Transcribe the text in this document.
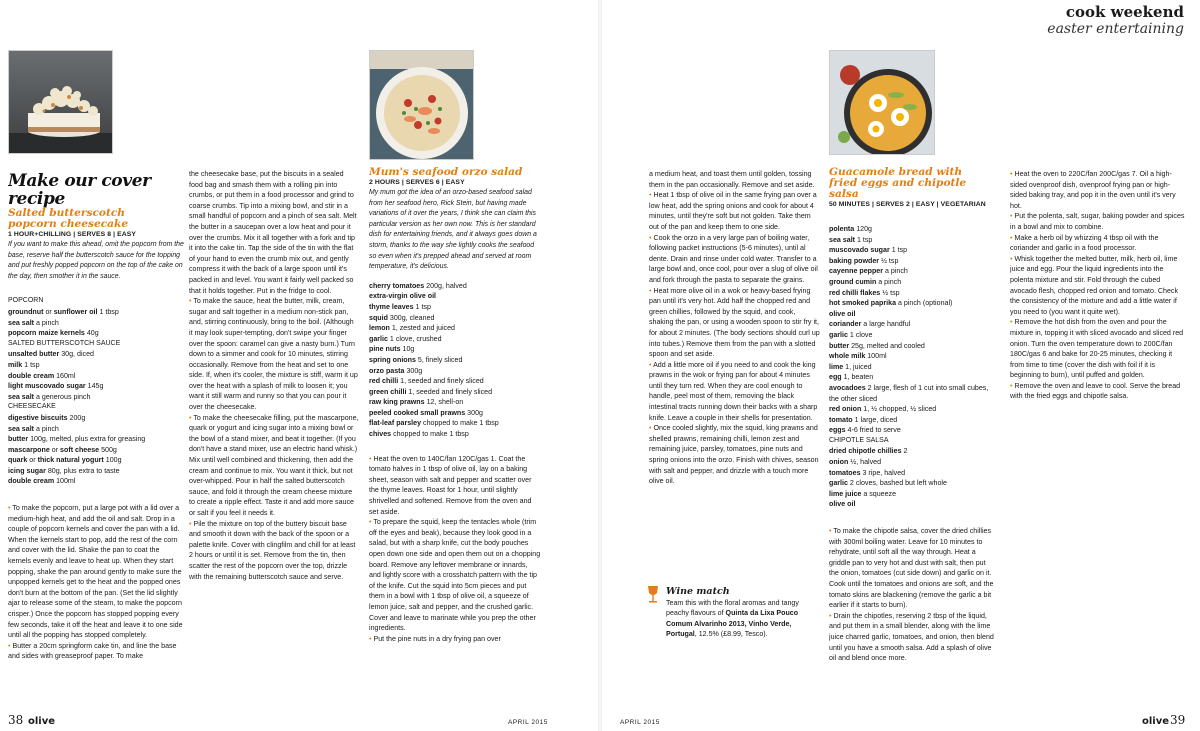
cook weekend
easter entertaining
Make our cover recipe
Salted butterscotch popcorn cheesecake
1 HOUR+CHILLING | SERVES 8 | EASY
If you want to make this ahead, omit the popcorn from the base, reserve half the butterscotch sauce for the topping and put freshly popped popcorn on the top of the cake on the day, then smother it in the sauce.
POPCORN
groundnut or sunflower oil 1 tbsp
sea salt a pinch
popcorn maize kernels 40g
SALTED BUTTERSCOTCH SAUCE
unsalted butter 30g, diced
milk 1 tsp
double cream 160ml
light muscovado sugar 145g
sea salt a generous pinch
CHEESECAKE
digestive biscuits 200g
sea salt a pinch
butter 100g, melted, plus extra for greasing
mascarpone or soft cheese 500g
quark or thick natural yogurt 100g
icing sugar 80g, plus extra to taste
double cream 100ml

• To make the popcorn, put a large pot with a lid over a medium-high heat, and add the oil and salt. Drop in a couple of popcorn kernels and cover the pan with a lid. When the kernels start to pop, add the rest of the corn and cover with the lid. Shake the pan to coat the kernels evenly and leave to heat up. When they start popping, shake the pan around gently to make sure the unpopped kernels get to the heat and the popped ones don't burn at the bottom of the pan. (Set the lid slightly ajar to release some of the steam, to make the popcorn crisper.) Once the popcorn has stopped popping every few seconds, take it off the heat and leave it to one side until all the popping has stopped completely.

• Butter a 20cm springform cake tin, and line the base and sides with greaseproof paper. To make

the cheesecake base, put the biscuits in a sealed food bag and smash them with a rolling pin into crumbs, or put them in a food processor and grind to coarse crumbs. Tip into a mixing bowl, and stir in a small handful of popcorn and a pinch of sea salt. Melt the butter in a saucepan over a low heat and pour it over the crumbs. Mix it all together with a fork and tip it into the cake tin. Tap the side of the tin with the flat of your hand to even the crumb mix out, and gently compress it with the back of a large spoon until it's packed in and level. You want it fairly well packed so that it holds together. Put in the fridge to cool.

• To make the sauce, heat the butter, milk, cream, sugar and salt together in a medium non-stick pan, and, stirring continuously, bring to the boil. (Although it may look super-tempting, don't swipe your finger over the spoon: caramel can give a nasty burn.) Turn down to a simmer and cook for 10 minutes, stirring occasionally. Remove from the heat and set to one side. If, when it's cooler, the mixture is stiff, warm it up over the heat with a splash of milk to loosen it; you want it still warm and runny so that you can pour it over the cheesecake.

• To make the cheesecake filling, put the mascarpone, quark or yogurt and icing sugar into a mixing bowl or the bowl of a stand mixer, and beat it together. (If you don't have a stand mixer, use an electric hand whisk.) Mix until well combined and thickening, then add the cream and continue to mix. You want it thick, but not over-whipped. Pour in half the salted butterscotch sauce, and fold it through the cream cheese mixture to create a ripple effect. Taste it and add more sauce or salt if you feel it needs it.

• Pile the mixture on top of the buttery biscuit base and smooth it down with the back of the spoon or a palette knife. Cover with clingfilm and chill for at least 2 hours or until it is set. Remove from the tin, then scatter the rest of the popcorn over the top, drizzle with the remaining butterscotch sauce and serve.

Mum's seafood orzo salad
2 HOURS | SERVES 6 | EASY
My mum got the idea of an orzo-based seafood salad from her seafood hero, Rick Stein, but having made variations of it over the years, I think she can claim this particular version as her own now. This is her standard dish for entertaining friends, and it always goes down a storm, thanks to the way she lightly cooks the seafood so even when it's prepped ahead and served at room temperature, it's delicious.
cherry tomatoes 200g, halved
extra-virgin olive oil
thyme leaves 1 tsp
squid 300g, cleaned
lemon 1, zested and juiced
garlic 1 clove, crushed
pine nuts 10g
spring onions 5, finely sliced
orzo pasta 300g
red chilli 1, seeded and finely sliced
green chilli 1, seeded and finely sliced
raw king prawns 12, shell-on
peeled cooked small prawns 300g
flat-leaf parsley chopped to make 1 tbsp
chives chopped to make 1 tbsp

• Heat the oven to 140C/fan 120C/gas 1. Coat the tomato halves in 1 tbsp of olive oil, lay on a baking sheet, season with salt and pepper and scatter over the thyme leaves. Roast for 1 hour, until slightly shrivelled and softened. Remove from the oven and set aside.

• To prepare the squid, keep the tentacles whole (trim off the eyes and beak), because they look good in a salad, but with a sharp knife, cut the body pouches open down one side and open them out on a chopping board. Remove any leftover membrane or innards, and lightly score with a crosshatch pattern with the tip of the knife. Cut the squid into 5cm pieces and put them in a bowl with 1 tbsp of olive oil, a squeeze of lemon juice, salt and pepper, and the crushed garlic. Cover and leave to marinate while you prep the other ingredients.

• Put the pine nuts in a dry frying pan over

a medium heat, and toast them until golden, tossing them in the pan occasionally. Remove and set aside.

• Heat 1 tbsp of olive oil in the same frying pan over a low heat, add the spring onions and cook for about 4 minutes, until they're soft but not golden. Take them out of the pan and keep them to one side.

• Cook the orzo in a very large pan of boiling water, following packet instructions (5-6 minutes), until al dente. Drain and rinse under cold water. Transfer to a large bowl and, once cool, pour over a slug of olive oil and fork through the pasta to separate the grains.

• Heat more olive oil in a wok or heavy-based frying pan until it's very hot. Add half the chopped red and green chillies, followed by the squid, and cook, shaking the pan, or using a wooden spoon to stir fry it, for about 2 minutes. (The body sections should curl up into tubes.) Remove them from the pan with a slotted spoon and set aside.

• Add a little more oil if you need to and cook the king prawns in the wok or frying pan for about 4 minutes until they turn red. When they are cool enough to handle, peel most of them, removing the black intestinal tracts running down their backs with a sharp knife. Leave a couple in their shells for presentation.

• Once cooled slightly, mix the squid, king prawns and shelled prawns, remaining chilli, lemon zest and remaining juice, parsley, tomatoes, pine nuts and spring onions into the orzo. Finish with chives, season with salt and pepper, and drizzle with a touch more olive oil.

Wine match
Team this with the floral aromas and tangy peachy flavours of Quinta da Lixa Pouco Comum Alvarinho 2013, Vinho Verde, Portugal, 12.5% (£8.99, Tesco).
Guacamole bread with fried eggs and chipotle salsa
50 MINUTES | SERVES 2 | EASY | VEGETARIAN
polenta 120g
sea salt 1 tsp
muscovado sugar 1 tsp
baking powder ½ tsp
cayenne pepper a pinch
ground cumin a pinch
red chilli flakes ½ tsp
hot smoked paprika a pinch (optional)
olive oil
coriander a large handful
garlic 1 clove
butter 25g, melted and cooled
whole milk 100ml
lime 1, juiced
egg 1, beaten
avocadoes 2 large, flesh of 1 cut into small cubes, the other sliced
red onion 1, ½ chopped, ½ sliced
tomato 1 large, diced
eggs 4-6 fried to serve
CHIPOTLE SALSA
dried chipotle chillies 2
onion ½, halved
tomatoes 3 ripe, halved
garlic 2 cloves, bashed but left whole
lime juice a squeeze
olive oil

• To make the chipotle salsa, cover the dried chillies with 300ml boiling water. Leave for 10 minutes to rehydrate, until soft all the way through. Heat a griddle pan to very hot and dust with salt, then put the onion, tomatoes (cut side down) and garlic on it. Cook until the tomatoes and onions are soft, and the tomato skins are blackening (remove the garlic a bit earlier if it starts to burn).

• Drain the chipotles, reserving 2 tbsp of the liquid, and put them in a small blender, along with the lime juice charred garlic, tomatoes, and onion, then blend until you have a smooth salsa. Add a splash of olive oil and blend once more.

• Heat the oven to 220C/fan 200C/gas 7. Oil a high-sided ovenproof dish, ovenproof frying pan or high-sided baking tray, and pop it in the oven until it's very hot.

• Put the polenta, salt, sugar, baking powder and spices in a bowl and mix to combine.

• Make a herb oil by whizzing 4 tbsp oil with the coriander and garlic in a food processor.

• Whisk together the melted butter, milk, herb oil, lime juice and egg. Pour the liquid ingredients into the polenta mixture and stir. Fold through the cubed avocado flesh, chopped red onion and tomato. Check the consistency of the mixture and add a little water if you need to (you want it quite wet).

• Remove the hot dish from the oven and pour the mixture in, topping it with sliced avocado and sliced red onion. Turn the oven temperature down to 200C/fan 180C/gas 6 and bake for 20-25 minutes, checking it from time to time (cover the dish with foil if it is beginning to burn), until puffed and golden.

• Remove the oven and leave to cool. Serve the bread with the fried eggs and chipotle salsa.

38 olive	APRIL 2015	APRIL 2015	olive 39
